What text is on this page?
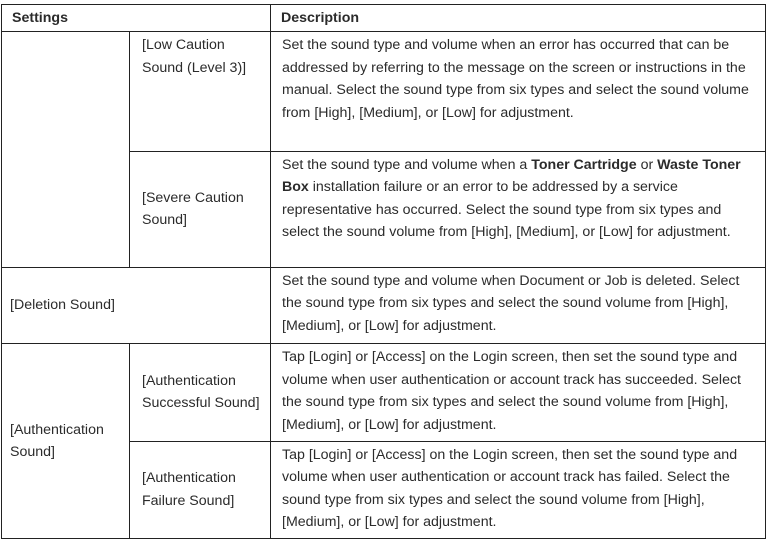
Settings		Description
	[Low Caution Sound (Level 3)]	Set the sound type and volume when an error has occurred that can be addressed by referring to the message on the screen or instructions in the manual. Select the sound type from six types and select the sound volume from [High], [Medium], or [Low] for adjustment.
	[Severe Caution Sound]	Set the sound type and volume when a Toner Cartridge or Waste Toner Box installation failure or an error to be addressed by a service representative has occurred. Select the sound type from six types and select the sound volume from [High], [Medium], or [Low] for adjustment.
[Deletion Sound]		Set the sound type and volume when Document or Job is deleted. Select the sound type from six types and select the sound volume from [High], [Medium], or [Low] for adjustment.
[Authentication Sound]	[Authentication Successful Sound]	Tap [Login] or [Access] on the Login screen, then set the sound type and volume when user authentication or account track has succeeded. Select the sound type from six types and select the sound volume from [High], [Medium], or [Low] for adjustment.
	[Authentication Failure Sound]	Tap [Login] or [Access] on the Login screen, then set the sound type and volume when user authentication or account track has failed. Select the sound type from six types and select the sound volume from [High], [Medium], or [Low] for adjustment.
